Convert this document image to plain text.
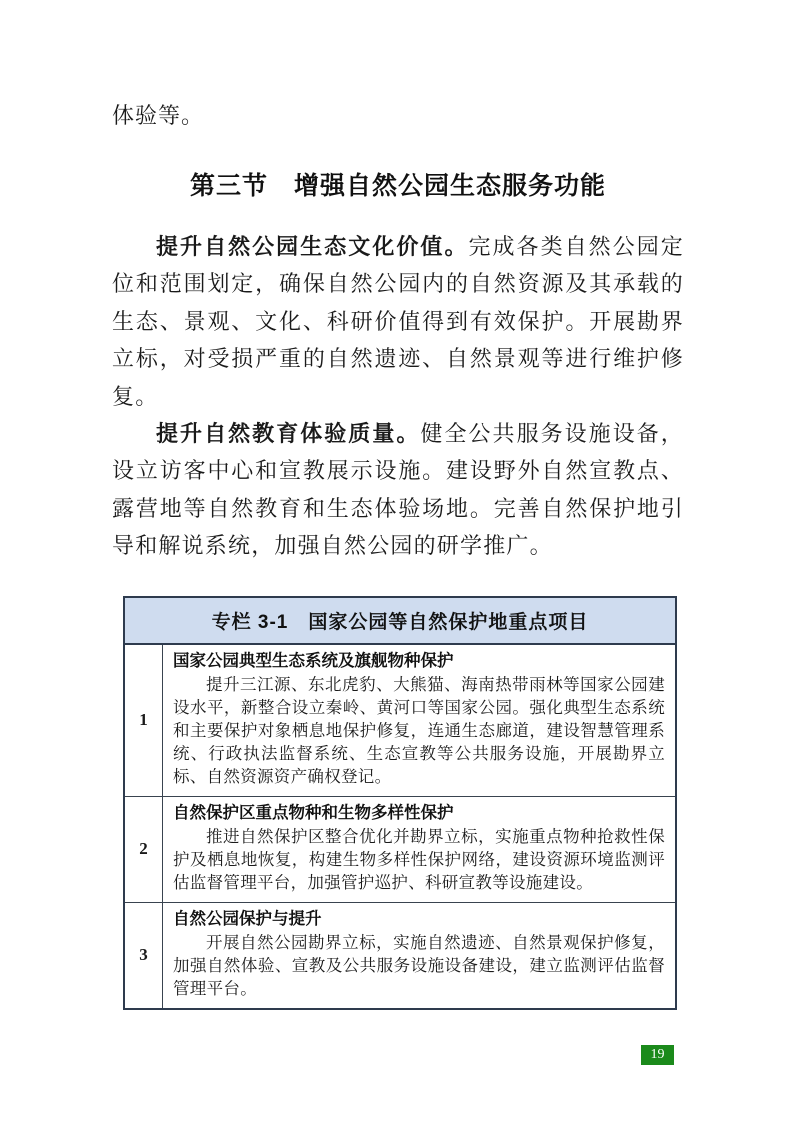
体验等。
第三节　增强自然公园生态服务功能

提升自然公园生态文化价值。完成各类自然公园定位和范围划定，确保自然公园内的自然资源及其承载的生态、景观、文化、科研价值得到有效保护。开展勘界立标，对受损严重的自然遗迹、自然景观等进行维护修复。

提升自然教育体验质量。健全公共服务设施设备，设立访客中心和宣教展示设施。建设野外自然宣教点、露营地等自然教育和生态体验场地。完善自然保护地引导和解说系统，加强自然公园的研学推广。

专栏 3-1　国家公园等自然保护地重点项目
1
国家公园典型生态系统及旗舰物种保护
提升三江源、东北虎豹、大熊猫、海南热带雨林等国家公园建设水平，新整合设立秦岭、黄河口等国家公园。强化典型生态系统和主要保护对象栖息地保护修复，连通生态廊道，建设智慧管理系统、行政执法监督系统、生态宣教等公共服务设施，开展勘界立标、自然资源资产确权登记。
2
自然保护区重点物种和生物多样性保护
推进自然保护区整合优化并勘界立标，实施重点物种抢救性保护及栖息地恢复，构建生物多样性保护网络，建设资源环境监测评估监督管理平台，加强管护巡护、科研宣教等设施建设。
3
自然公园保护与提升
开展自然公园勘界立标，实施自然遗迹、自然景观保护修复，加强自然体验、宣教及公共服务设施设备建设，建立监测评估监督管理平台。
19
